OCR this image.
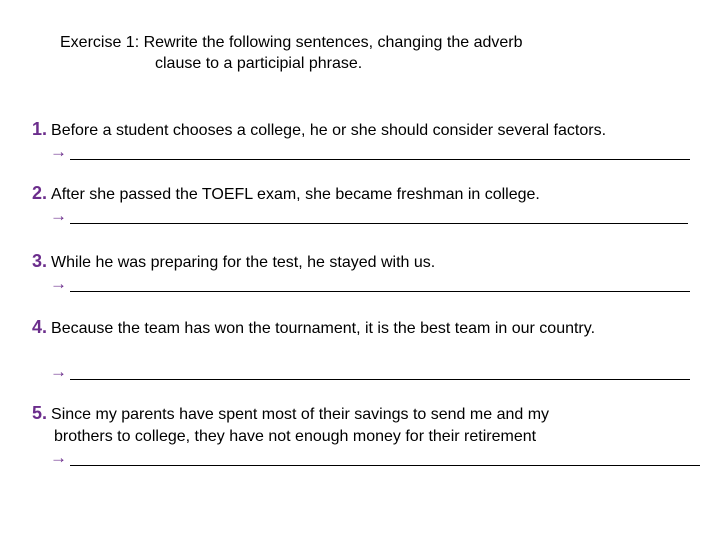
Exercise 1: Rewrite the following sentences, changing the adverb
clause to a participial phrase.
1. Before a student chooses a college, he or she should consider several factors.
→
2. After she passed the TOEFL exam, she became freshman in college.
→
3. While he was preparing for the test, he stayed with us.
→
4. Because the team has won the tournament, it is the best team in our country.
→
5. Since my parents have spent most of their savings to send me and my
brothers to college, they have not enough money for their retirement
→
